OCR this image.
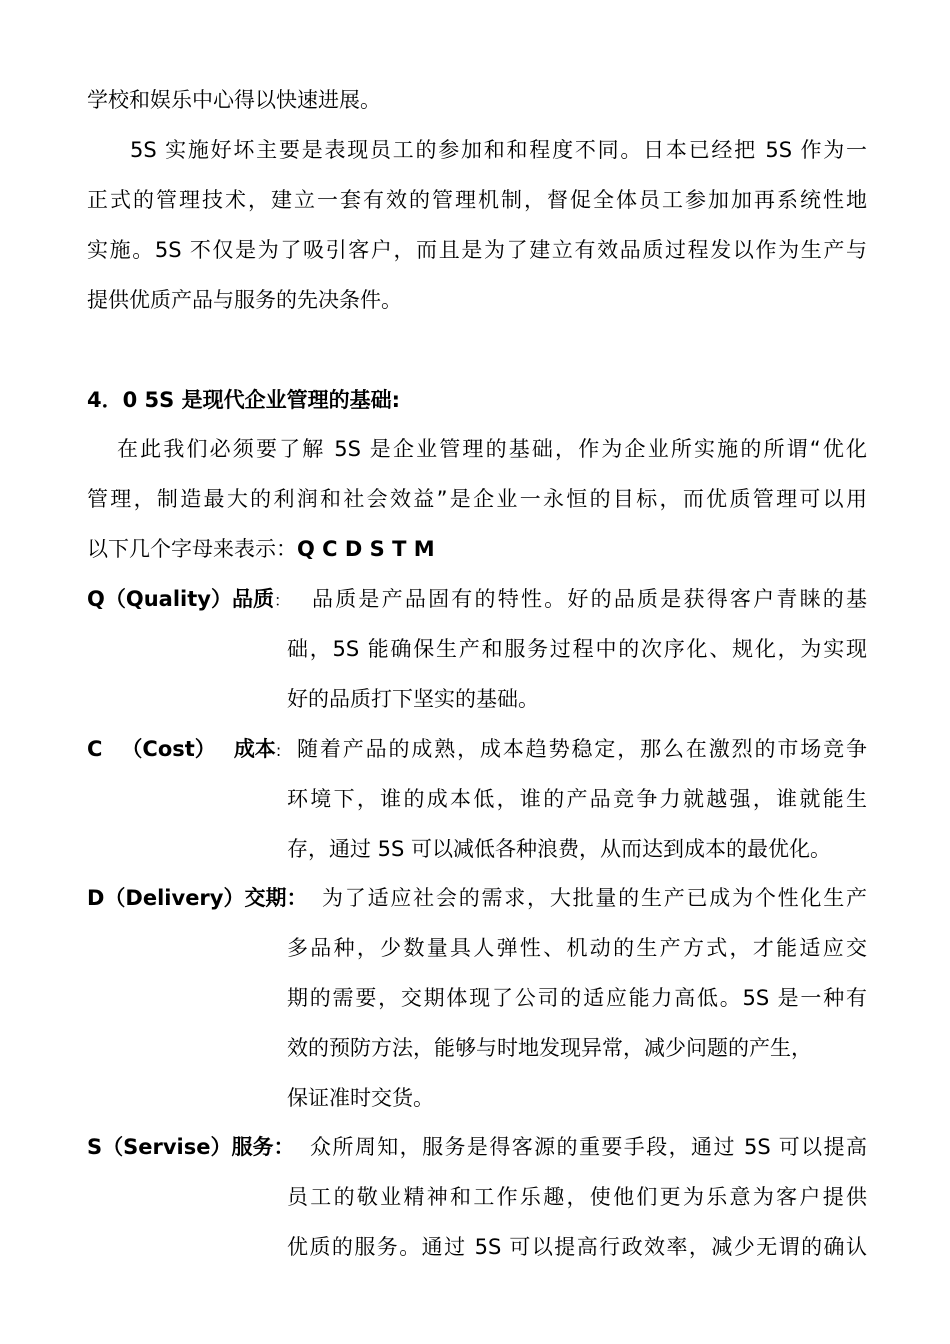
学校和娱乐中心得以快速进展。
5S 实施好坏主要是表现员工的参加和和程度不同。日本已经把 5S 作为一
正式的管理技术，建立一套有效的管理机制，督促全体员工参加加再系统性地
实施。5S 不仅是为了吸引客户，而且是为了建立有效品质过程发以作为生产与
提供优质产品与服务的先决条件。
4．0 5S 是现代企业管理的基础:
在此我们必须要了解 5S 是企业管理的基础，作为企业所实施的所谓“优化
管理，制造最大的利润和社会效益”是企业一永恒的目标，而优质管理可以用
以下几个字母来表示：Q C D S T M
Q（Quality）品质： 品质是产品固有的特性。好的品质是获得客户青睐的基
础，5S 能确保生产和服务过程中的次序化、规化，为实现
好的品质打下坚实的基础。
C （Cost） 成本: 随着产品的成熟，成本趋势稳定，那么在激烈的市场竞争
环境下，谁的成本低，谁的产品竞争力就越强，谁就能生
存，通过 5S 可以减低各种浪费，从而达到成本的最优化。
D（Delivery）交期： 为了适应社会的需求，大批量的生产已成为个性化生产
多品种，少数量具人弹性、机动的生产方式，才能适应交
期的需要，交期体现了公司的适应能力高低。5S 是一种有
效的预防方法，能够与时地发现异常，减少问题的产生，
保证准时交货。
S（Servise）服务： 众所周知，服务是得客源的重要手段，通过 5S 可以提高
员工的敬业精神和工作乐趣，使他们更为乐意为客户提供
优质的服务。通过 5S 可以提高行政效率，减少无谓的确认
